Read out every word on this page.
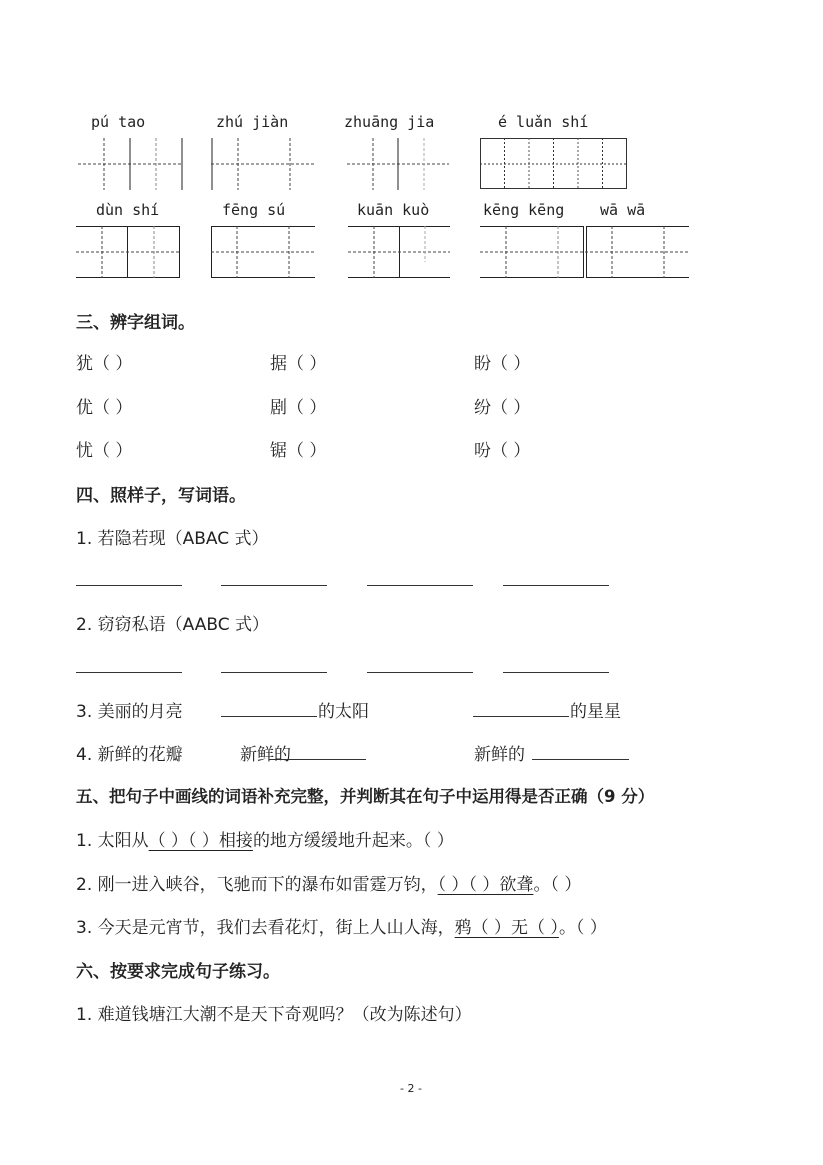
pú tao	zhú jiàn	zhuāng jia	é luǎn shí
dùn shí	fēng sú	kuān kuò	kēng kēng wā wā
三、辨字组词。
犹（ ）	据（ ）	盼（ ）
优（ ）	剧（ ）	纷（ ）
忧（ ）	锯（ ）	吩（ ）
四、照样子，写词语。
1. 若隐若现（ABAC 式）
2. 窃窃私语（AABC 式）
3. 美丽的月亮	的太阳	的星星
4. 新鲜的花瓣	新鲜的	新鲜的
五、把句子中画线的词语补充完整，并判断其在句子中运用得是否正确（9 分）
1. 太阳从（ ）（ ）相接的地方缓缓地升起来。（ ）
2. 刚一进入峡谷，飞驰而下的瀑布如雷霆万钧，（ ）（ ）欲聋。（ ）
3. 今天是元宵节，我们去看花灯，街上人山人海，鸦（ ）无（ ）。（ ）
六、按要求完成句子练习。
1. 难道钱塘江大潮不是天下奇观吗？（改为陈述句）
- 2 -
